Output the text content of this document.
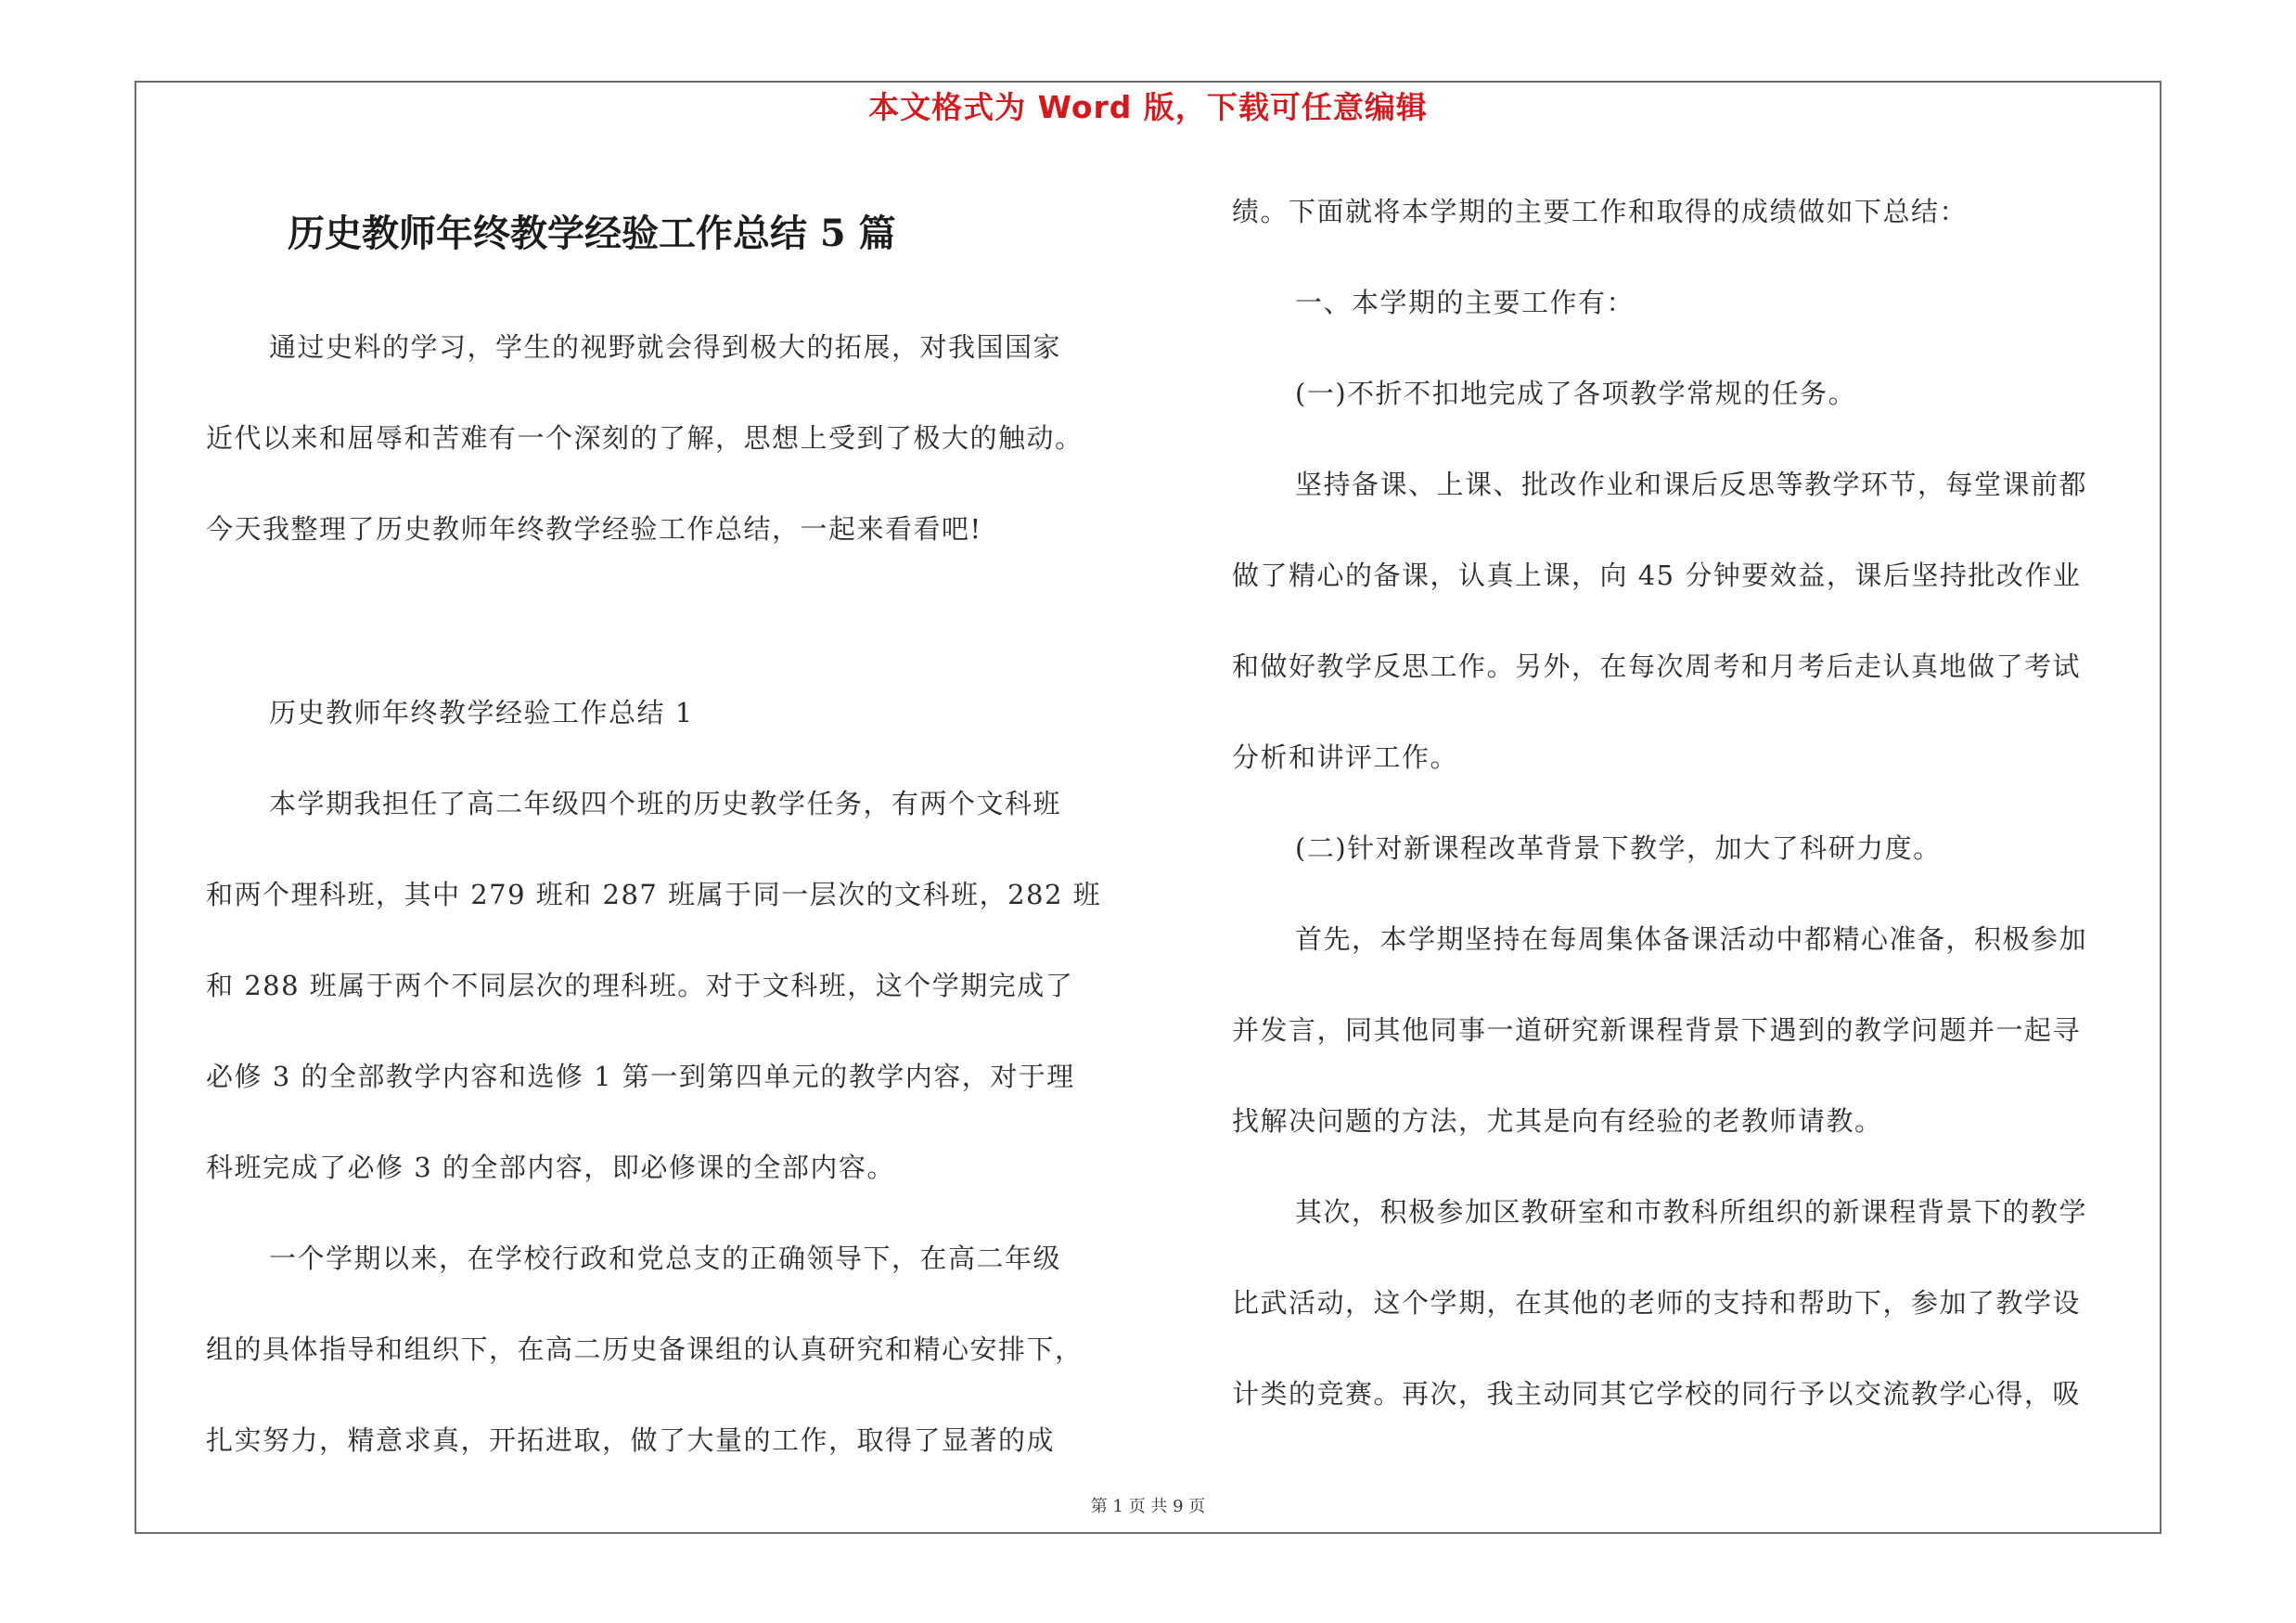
本文格式为 Word 版，下载可任意编辑
历史教师年终教学经验工作总结 5 篇
通过史料的学习，学生的视野就会得到极大的拓展，对我国国家
近代以来和屈辱和苦难有一个深刻的了解，思想上受到了极大的触动。
今天我整理了历史教师年终教学经验工作总结，一起来看看吧!
历史教师年终教学经验工作总结 1
本学期我担任了高二年级四个班的历史教学任务，有两个文科班
和两个理科班，其中 279 班和 287 班属于同一层次的文科班，282 班
和 288 班属于两个不同层次的理科班。对于文科班，这个学期完成了
必修 3 的全部教学内容和选修 1 第一到第四单元的教学内容，对于理
科班完成了必修 3 的全部内容，即必修课的全部内容。
一个学期以来，在学校行政和党总支的正确领导下，在高二年级
组的具体指导和组织下，在高二历史备课组的认真研究和精心安排下，
扎实努力，精意求真，开拓进取，做了大量的工作，取得了显著的成
绩。下面就将本学期的主要工作和取得的成绩做如下总结：
一、本学期的主要工作有：
(一)不折不扣地完成了各项教学常规的任务。
坚持备课、上课、批改作业和课后反思等教学环节，每堂课前都
做了精心的备课，认真上课，向 45 分钟要效益，课后坚持批改作业
和做好教学反思工作。另外，在每次周考和月考后走认真地做了考试
分析和讲评工作。
(二)针对新课程改革背景下教学，加大了科研力度。
首先，本学期坚持在每周集体备课活动中都精心准备，积极参加
并发言，同其他同事一道研究新课程背景下遇到的教学问题并一起寻
找解决问题的方法，尤其是向有经验的老教师请教。
其次，积极参加区教研室和市教科所组织的新课程背景下的教学
比武活动，这个学期，在其他的老师的支持和帮助下，参加了教学设
计类的竞赛。再次，我主动同其它学校的同行予以交流教学心得，吸
第 1 页 共 9 页
